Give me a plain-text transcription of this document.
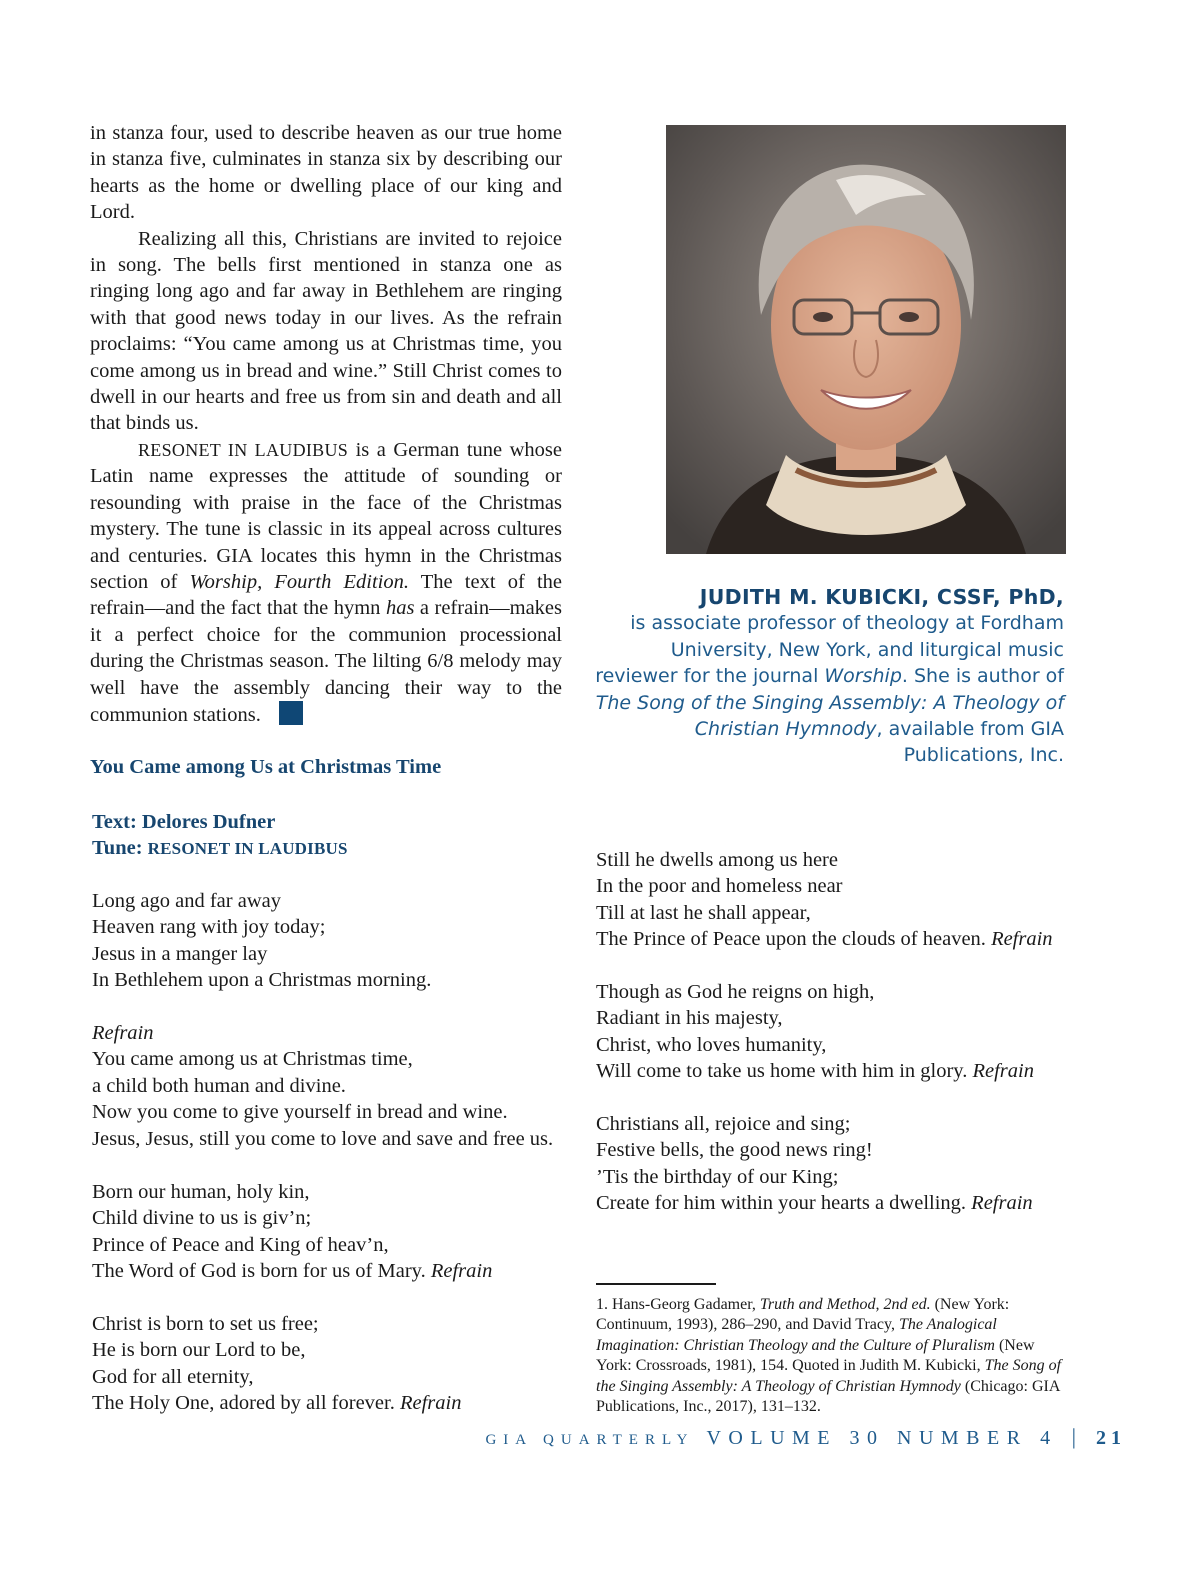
in stanza four, used to describe heaven as our true home in stanza five, culminates in stanza six by describing our hearts as the home or dwelling place of our king and Lord.

Realizing all this, Christians are invited to rejoice in song. The bells first mentioned in stanza one as ringing long ago and far away in Bethlehem are ringing with that good news today in our lives. As the refrain proclaims: “You came among us at Christmas time, you come among us in bread and wine.” Still Christ comes to dwell in our hearts and free us from sin and death and all that binds us.

RESONET IN LAUDIBUS is a German tune whose Latin name expresses the attitude of sounding or resounding with praise in the face of the Christmas mystery. The tune is classic in its appeal across cultures and centuries. GIA locates this hymn in the Christmas section of Worship, Fourth Edition. The text of the refrain—and the fact that the hymn has a refrain—makes it a perfect choice for the communion processional during the Christmas season. The lilting 6/8 melody may well have the assembly dancing their way to the communion stations.

You Came among Us at Christmas Time

Text: Delores Dufner
Tune: RESONET IN LAUDIBUS
Long ago and far away
Heaven rang with joy today;
Jesus in a manger lay
In Bethlehem upon a Christmas morning.
Refrain
You came among us at Christmas time,
a child both human and divine.
Now you come to give yourself in bread and wine.
Jesus, Jesus, still you come to love and save and free us.
Born our human, holy kin,
Child divine to us is giv’n;
Prince of Peace and King of heav’n,
The Word of God is born for us of Mary. Refrain
Christ is born to set us free;
He is born our Lord to be,
God for all eternity,
The Holy One, adored by all forever. Refrain
JUDITH M. KUBICKI, CSSF, PhD,
is associate professor of theology at Fordham University, New York, and liturgical music reviewer for the journal Worship. She is author of The Song of the Singing Assembly: A Theology of Christian Hymnody, available from GIA Publications, Inc.
Still he dwells among us here
In the poor and homeless near
Till at last he shall appear,
The Prince of Peace upon the clouds of heaven. Refrain
Though as God he reigns on high,
Radiant in his majesty,
Christ, who loves humanity,
Will come to take us home with him in glory. Refrain
Christians all, rejoice and sing;
Festive bells, the good news ring!
’Tis the birthday of our King;
Create for him within your hearts a dwelling. Refrain
1. Hans-Georg Gadamer, Truth and Method, 2nd ed. (New York: Continuum, 1993), 286–290, and David Tracy, The Analogical Imagination: Christian Theology and the Culture of Pluralism (New York: Crossroads, 1981), 154. Quoted in Judith M. Kubicki, The Song of the Singing Assembly: A Theology of Christian Hymnody (Chicago: GIA Publications, Inc., 2017), 131–132.
GIA QUARTERLY VOLUME 30 NUMBER 4 | 21
